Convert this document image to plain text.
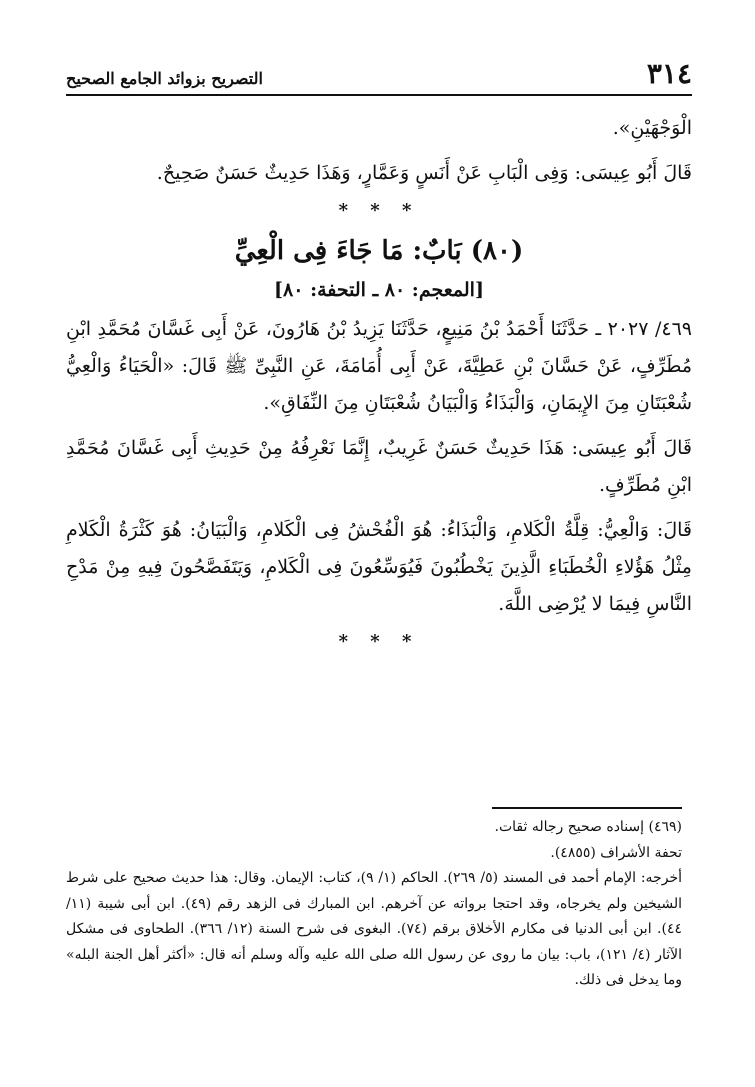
٣١٤
التصريح بزوائد الجامع الصحيح

الْوَجْهَيْنِ».

قَالَ أَبُو عِيسَى: وَفِى الْبَابِ عَنْ أَنَسٍ وَعَمَّارٍ، وَهَذَا حَدِيثٌ حَسَنٌ صَحِيحٌ.

* * *

(٨٠) بَابٌ: مَا جَاءَ فِى الْعِيِّ

[المعجم: ٨٠ ـ التحفة: ٨٠]

٤٦٩/ ٢٠٢٧ ـ حَدَّثَنَا أَحْمَدُ بْنُ مَنِيعٍ، حَدَّثَنَا يَزِيدُ بْنُ هَارُونَ، عَنْ أَبِى غَسَّانَ مُحَمَّدِ ابْنِ مُطَرِّفٍ، عَنْ حَسَّانَ بْنِ عَطِيَّةَ، عَنْ أَبِى أُمَامَةَ، عَنِ النَّبِىِّ ﷺ قَالَ: «الْحَيَاءُ وَالْعِيُّ شُعْبَتَانِ مِنَ الإِيمَانِ، وَالْبَذَاءُ وَالْبَيَانُ شُعْبَتَانِ مِنَ النِّفَاقِ».

قَالَ أَبُو عِيسَى: هَذَا حَدِيثٌ حَسَنٌ غَرِيبٌ، إِنَّمَا نَعْرِفُهُ مِنْ حَدِيثِ أَبِى غَسَّانَ مُحَمَّدِ ابْنِ مُطَرِّفٍ.

قَالَ: وَالْعِيُّ: قِلَّةُ الْكَلامِ، وَالْبَذَاءُ: هُوَ الْفُحْشُ فِى الْكَلامِ، وَالْبَيَانُ: هُوَ كَثْرَةُ الْكَلامِ مِثْلُ هَؤُلاءِ الْخُطَبَاءِ الَّذِينَ يَخْطُبُونَ فَيُوَسِّعُونَ فِى الْكَلامِ، وَيَتَفَصَّحُونَ فِيهِ مِنْ مَدْحِ النَّاسِ فِيمَا لا يُرْضِى اللَّهَ.

* * *

(٤٦٩) إسناده صحيح رجاله ثقات.

تحفة الأشراف (٤٨٥٥).

أخرجه: الإمام أحمد فى المسند (٥/ ٢٦٩). الحاكم (١/ ٩)، كتاب: الإيمان. وقال: هذا حديث صحيح على شرط الشيخين ولم يخرجاه، وقد احتجا برواته عن آخرهم. ابن المبارك فى الزهد رقم (٤٩). ابن أبى شيبة (١١/ ٤٤). ابن أبى الدنيا فى مكارم الأخلاق برقم (٧٤). البغوى فى شرح السنة (١٢/ ٣٦٦). الطحاوى فى مشكل الآثار (٤/ ١٢١)، باب: بيان ما روى عن رسول الله صلى الله عليه وآله وسلم أنه قال: «أكثر أهل الجنة البله» وما يدخل فى ذلك.
